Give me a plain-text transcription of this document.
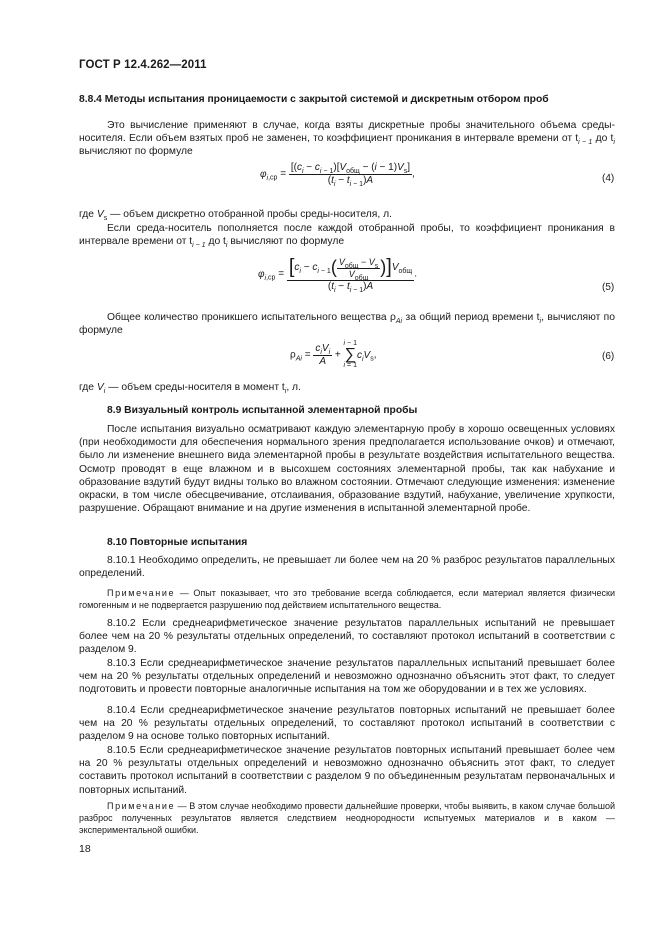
ГОСТ Р 12.4.262—2011
8.8.4 Методы испытания проницаемости с закрытой системой и дискретным отбором проб
Это вычисление применяют в случае, когда взяты дискретные пробы значительного объема среды-носителя. Если объем взятых проб не заменен, то коэффициент проникания в интервале времени от $t_{i - 1}$ до $t_i$ вычисляют по формуле
$\varphi_{i,ср} = \frac{[(c_i - c_{i - 1})[V_{общ} - (i - 1)V_s]}{(t_i - t_{i - 1})A}$ ,	(4)
где $V_s$ — объем дискретно отобранной пробы среды-носителя, л.
Если среда-носитель пополняется после каждой отобранной пробы, то коэффициент проникания в интервале времени от $t_{i - 1}$ до $t_i$ вычисляют по формуле
$\varphi_{i,ср} = \frac{[c_i - c_{i - 1}( \frac{V_{общ} - V_s}{V_{общ}} )]V_{общ}}{(t_i - t_{i - 1})A}$ .
(5)
Общее количество проникшего испытательного вещества $\rho_{Ai}$ за общий период времени $t_i$, вычисляют по формуле
$\rho_{Ai} = \frac{c_iV_i}{A} + i - 1$
∑
$i = 1c_iV_s$,	(6)
где $V_i$ — объем среды-носителя в момент $t_i$, л.
8.9 Визуальный контроль испытанной элементарной пробы
После испытания визуально осматривают каждую элементарную пробу в хорошо освещенных условиях (при необходимости для обеспечения нормального зрения предполагается использование очков) и отмечают, было ли изменение внешнего вида элементарной пробы в результате воздействия испытательного вещества. Осмотр проводят в еще влажном и в высохшем состояниях элементарной пробы, так как набухание и образование вздутий будут видны только во влажном состоянии. Отмечают следующие изменения: изменение окраски, в том числе обесцвечивание, отслаивания, образование вздутий, набухание, увеличение хрупкости, разрушение. Обращают внимание и на другие изменения в испытанной элементарной пробе.
8.10 Повторные испытания
8.10.1 Необходимо определить, не превышает ли более чем на 20 % разброс результатов параллельных определений.
Примечание — Опыт показывает, что это требование всегда соблюдается, если материал является физически гомогенным и не подвергается разрушению под действием испытательного вещества.
8.10.2 Если среднеарифметическое значение результатов параллельных испытаний не превышает более чем на 20 % результаты отдельных определений, то составляют протокол испытаний в соответствии с разделом 9.
8.10.3 Если среднеарифметическое значение результатов параллельных испытаний превышает более чем на 20 % результаты отдельных определений и невозможно однозначно объяснить этот факт, то следует подготовить и провести повторные аналогичные испытания на том же оборудовании и в тех же условиях.
8.10.4 Если среднеарифметическое значение результатов повторных испытаний не превышает более чем на 20 % результаты отдельных определений, то составляют протокол испытаний в соответствии с разделом 9 на основе только повторных испытаний.
8.10.5 Если среднеарифметическое значение результатов повторных испытаний превышает более чем на 20 % результаты отдельных определений и невозможно однозначно объяснить этот факт, то следует составить протокол испытаний в соответствии с разделом 9 по объединенным результатам первоначальных и повторных испытаний.
Примечание — В этом случае необходимо провести дальнейшие проверки, чтобы выявить, в каком случае большой разброс полученных результатов является следствием неоднородности испытуемых материалов и в каком — экспериментальной ошибки.
18
